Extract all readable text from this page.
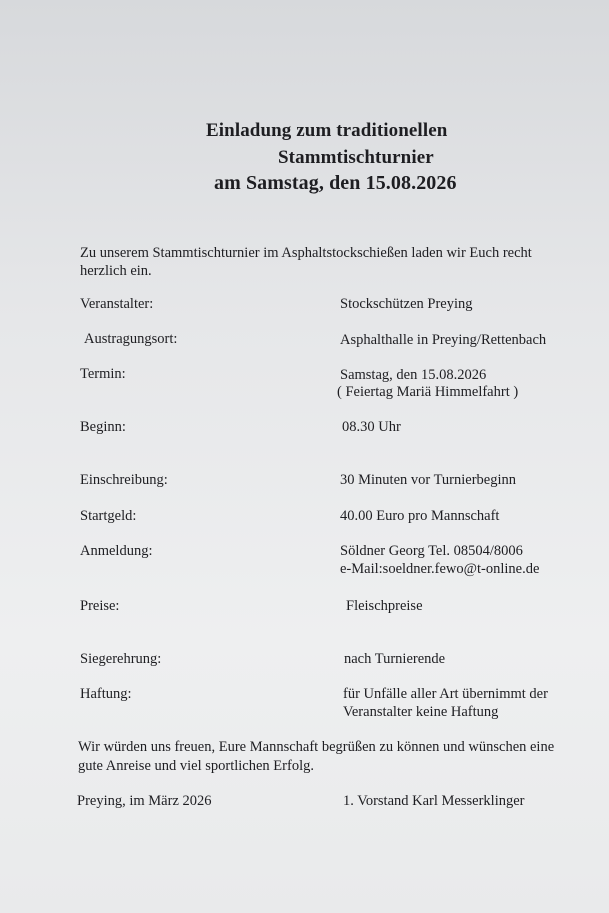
Einladung zum traditionellen
Stammtischturnier
am Samstag, den 15.08.2026
Zu unserem Stammtischturnier im Asphaltstockschießen laden wir Euch recht herzlich ein.
Veranstalter:	Stockschützen Preying
Austragungsort:	Asphalthalle in Preying/Rettenbach
Termin:	Samstag, den 15.08.2026
( Feiertag Mariä Himmelfahrt )
Beginn:	08.30 Uhr
Einschreibung:	30 Minuten vor Turnierbeginn
Startgeld:	40.00 Euro pro Mannschaft
Anmeldung:	Söldner Georg Tel. 08504/8006
e-Mail:soeldner.fewo@t-online.de
Preise:	Fleischpreise
Siegerehrung:	nach Turnierende
Haftung:	für Unfälle aller Art übernimmt der
Veranstalter keine Haftung
Wir würden uns freuen, Eure Mannschaft begrüßen zu können und wünschen eine gute Anreise und viel sportlichen Erfolg.
Preying, im März 2026	1. Vorstand Karl Messerklinger
